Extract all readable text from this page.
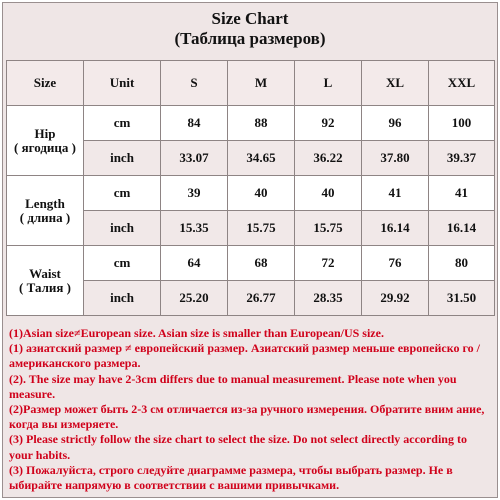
Size Chart
(Таблица размеров)
Size	Unit	S	M	L	XL	XXL

Hip
( ягодица )	cm	84	88	92	96	100
	inch	33.07	34.65	36.22	37.80	39.37

Length
( длина )	cm	39	40	40	41	41
	inch	15.35	15.75	15.75	16.14	16.14

Waist
( Талия )	cm	64	68	72	76	80
	inch	25.20	26.77	28.35	29.92	31.50
(1)Asian size≠European size. Asian size is smaller than European/US size.
(1) азиатский размер ≠ европейский размер. Азиатский размер меньше европейско го / американского размера.
(2). The size may have 2-3cm differs due to manual measurement. Please note when you measure.
(2)Размер может быть 2-3 см отличается из-за ручного измерения. Обратите вним ание, когда вы измеряете.
(3) Please strictly follow the size chart to select the size. Do not select directly according to your habits.
(3) Пожалуйста, строго следуйте диаграмме размера, чтобы выбрать размер. Не в ыбирайте напрямую в соответствии с вашими привычками.
